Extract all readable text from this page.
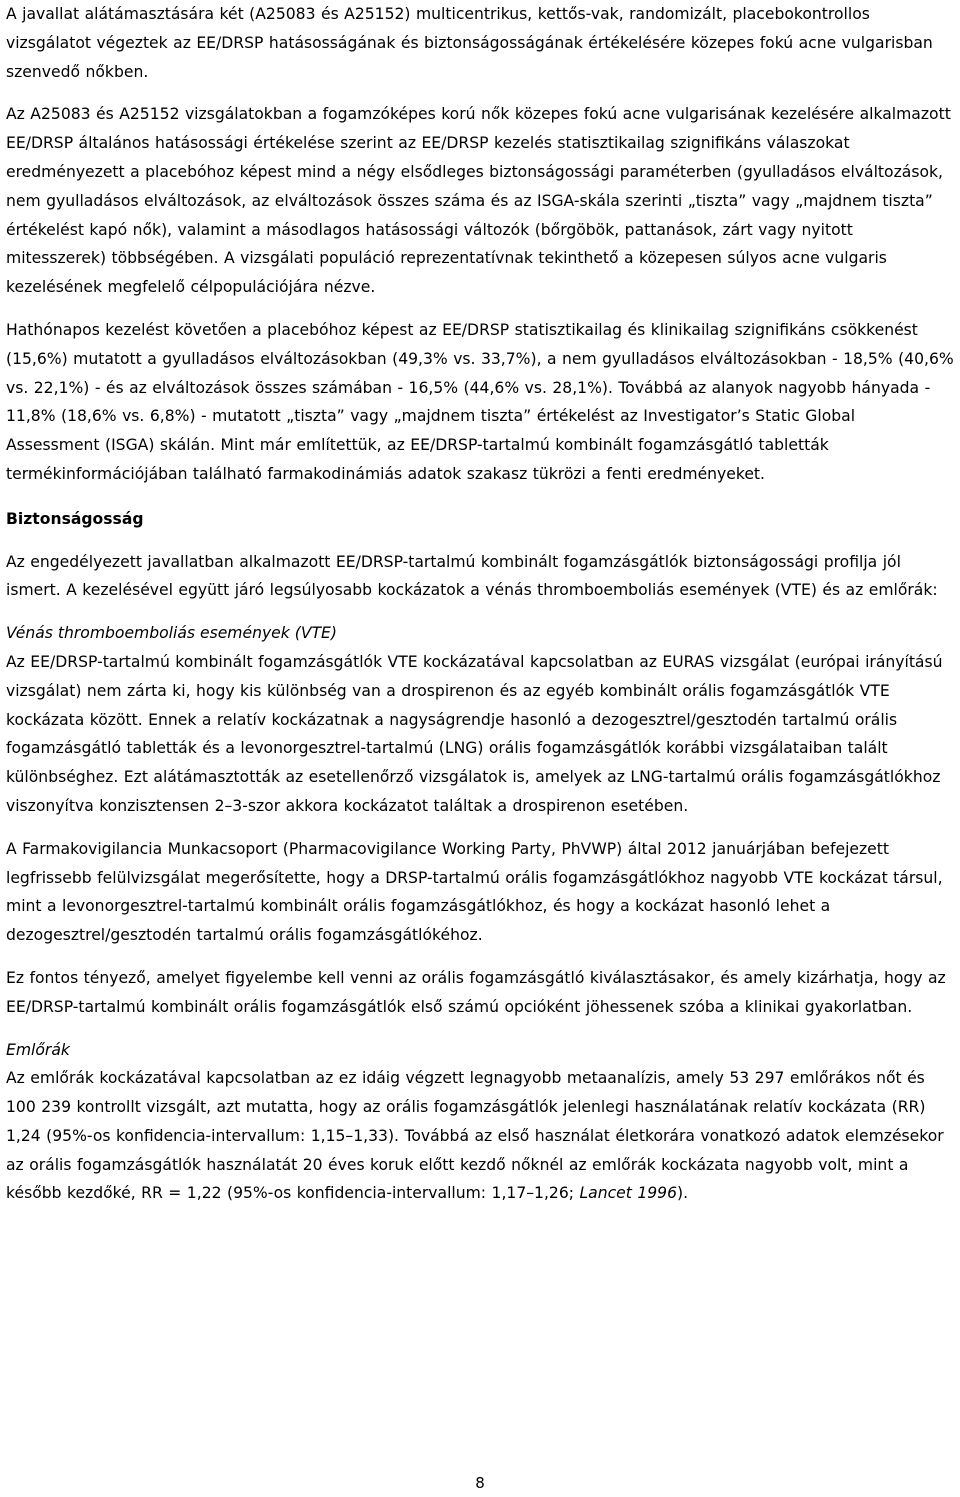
A javallat alátámasztására két (A25083 és A25152) multicentrikus, kettős-vak, randomizált, placebokontrollos vizsgálatot végeztek az EE/DRSP hatásosságának és biztonságosságának értékelésére közepes fokú acne vulgarisban szenvedő nőkben.

Az A25083 és A25152 vizsgálatokban a fogamzóképes korú nők közepes fokú acne vulgarisának kezelésére alkalmazott EE/DRSP általános hatásossági értékelése szerint az EE/DRSP kezelés statisztikailag szignifikáns válaszokat eredményezett a placebóhoz képest mind a négy elsődleges biztonságossági paraméterben (gyulladásos elváltozások, nem gyulladásos elváltozások, az elváltozások összes száma és az ISGA-skála szerinti „tiszta” vagy „majdnem tiszta” értékelést kapó nők), valamint a másodlagos hatásossági változók (bőrgöbök, pattanások, zárt vagy nyitott mitesszerek) többségében. A vizsgálati populáció reprezentatívnak tekinthető a közepesen súlyos acne vulgaris kezelésének megfelelő célpopulációjára nézve.

Hathónapos kezelést követően a placebóhoz képest az EE/DRSP statisztikailag és klinikailag szignifikáns csökkenést (15,6%) mutatott a gyulladásos elváltozásokban (49,3% vs. 33,7%), a nem gyulladásos elváltozásokban - 18,5% (40,6% vs. 22,1%) - és az elváltozások összes számában - 16,5% (44,6% vs. 28,1%). Továbbá az alanyok nagyobb hányada - 11,8% (18,6% vs. 6,8%) - mutatott „tiszta” vagy „majdnem tiszta” értékelést az Investigator’s Static Global Assessment (ISGA) skálán. Mint már említettük, az EE/DRSP-tartalmú kombinált fogamzásgátló tabletták termékinformációjában található farmakodinámiás adatok szakasz tükrözi a fenti eredményeket.

Biztonságosság

Az engedélyezett javallatban alkalmazott EE/DRSP-tartalmú kombinált fogamzásgátlók biztonságossági profilja jól ismert. A kezelésével együtt járó legsúlyosabb kockázatok a vénás thromboemboliás események (VTE) és az emlőrák:

Vénás thromboemboliás események (VTE)

Az EE/DRSP-tartalmú kombinált fogamzásgátlók VTE kockázatával kapcsolatban az EURAS vizsgálat (európai irányítású vizsgálat) nem zárta ki, hogy kis különbség van a drospirenon és az egyéb kombinált orális fogamzásgátlók VTE kockázata között. Ennek a relatív kockázatnak a nagyságrendje hasonló a dezogesztrel/gesztodén tartalmú orális fogamzásgátló tabletták és a levonorgesztrel-tartalmú (LNG) orális fogamzásgátlók korábbi vizsgálataiban talált különbséghez. Ezt alátámasztották az esetellenőrző vizsgálatok is, amelyek az LNG-tartalmú orális fogamzásgátlókhoz viszonyítva konzisztensen 2–3-szor akkora kockázatot találtak a drospirenon esetében.

A Farmakovigilancia Munkacsoport (Pharmacovigilance Working Party, PhVWP) által 2012 januárjában befejezett legfrissebb felülvizsgálat megerősítette, hogy a DRSP-tartalmú orális fogamzásgátlókhoz nagyobb VTE kockázat társul, mint a levonorgesztrel-tartalmú kombinált orális fogamzásgátlókhoz, és hogy a kockázat hasonló lehet a dezogesztrel/gesztodén tartalmú orális fogamzásgátlókéhoz.

Ez fontos tényező, amelyet figyelembe kell venni az orális fogamzásgátló kiválasztásakor, és amely kizárhatja, hogy az EE/DRSP-tartalmú kombinált orális fogamzásgátlók első számú opcióként jöhessenek szóba a klinikai gyakorlatban.

Emlőrák

Az emlőrák kockázatával kapcsolatban az ez idáig végzett legnagyobb metaanalízis, amely 53 297 emlőrákos nőt és 100 239 kontrollt vizsgált, azt mutatta, hogy az orális fogamzásgátlók jelenlegi használatának relatív kockázata (RR) 1,24 (95%-os konfidencia-intervallum: 1,15–1,33). Továbbá az első használat életkorára vonatkozó adatok elemzésekor az orális fogamzásgátlók használatát 20 éves koruk előtt kezdő nőknél az emlőrák kockázata nagyobb volt, mint a később kezdőké, RR = 1,22 (95%-os konfidencia-intervallum: 1,17–1,26; Lancet 1996).

8
